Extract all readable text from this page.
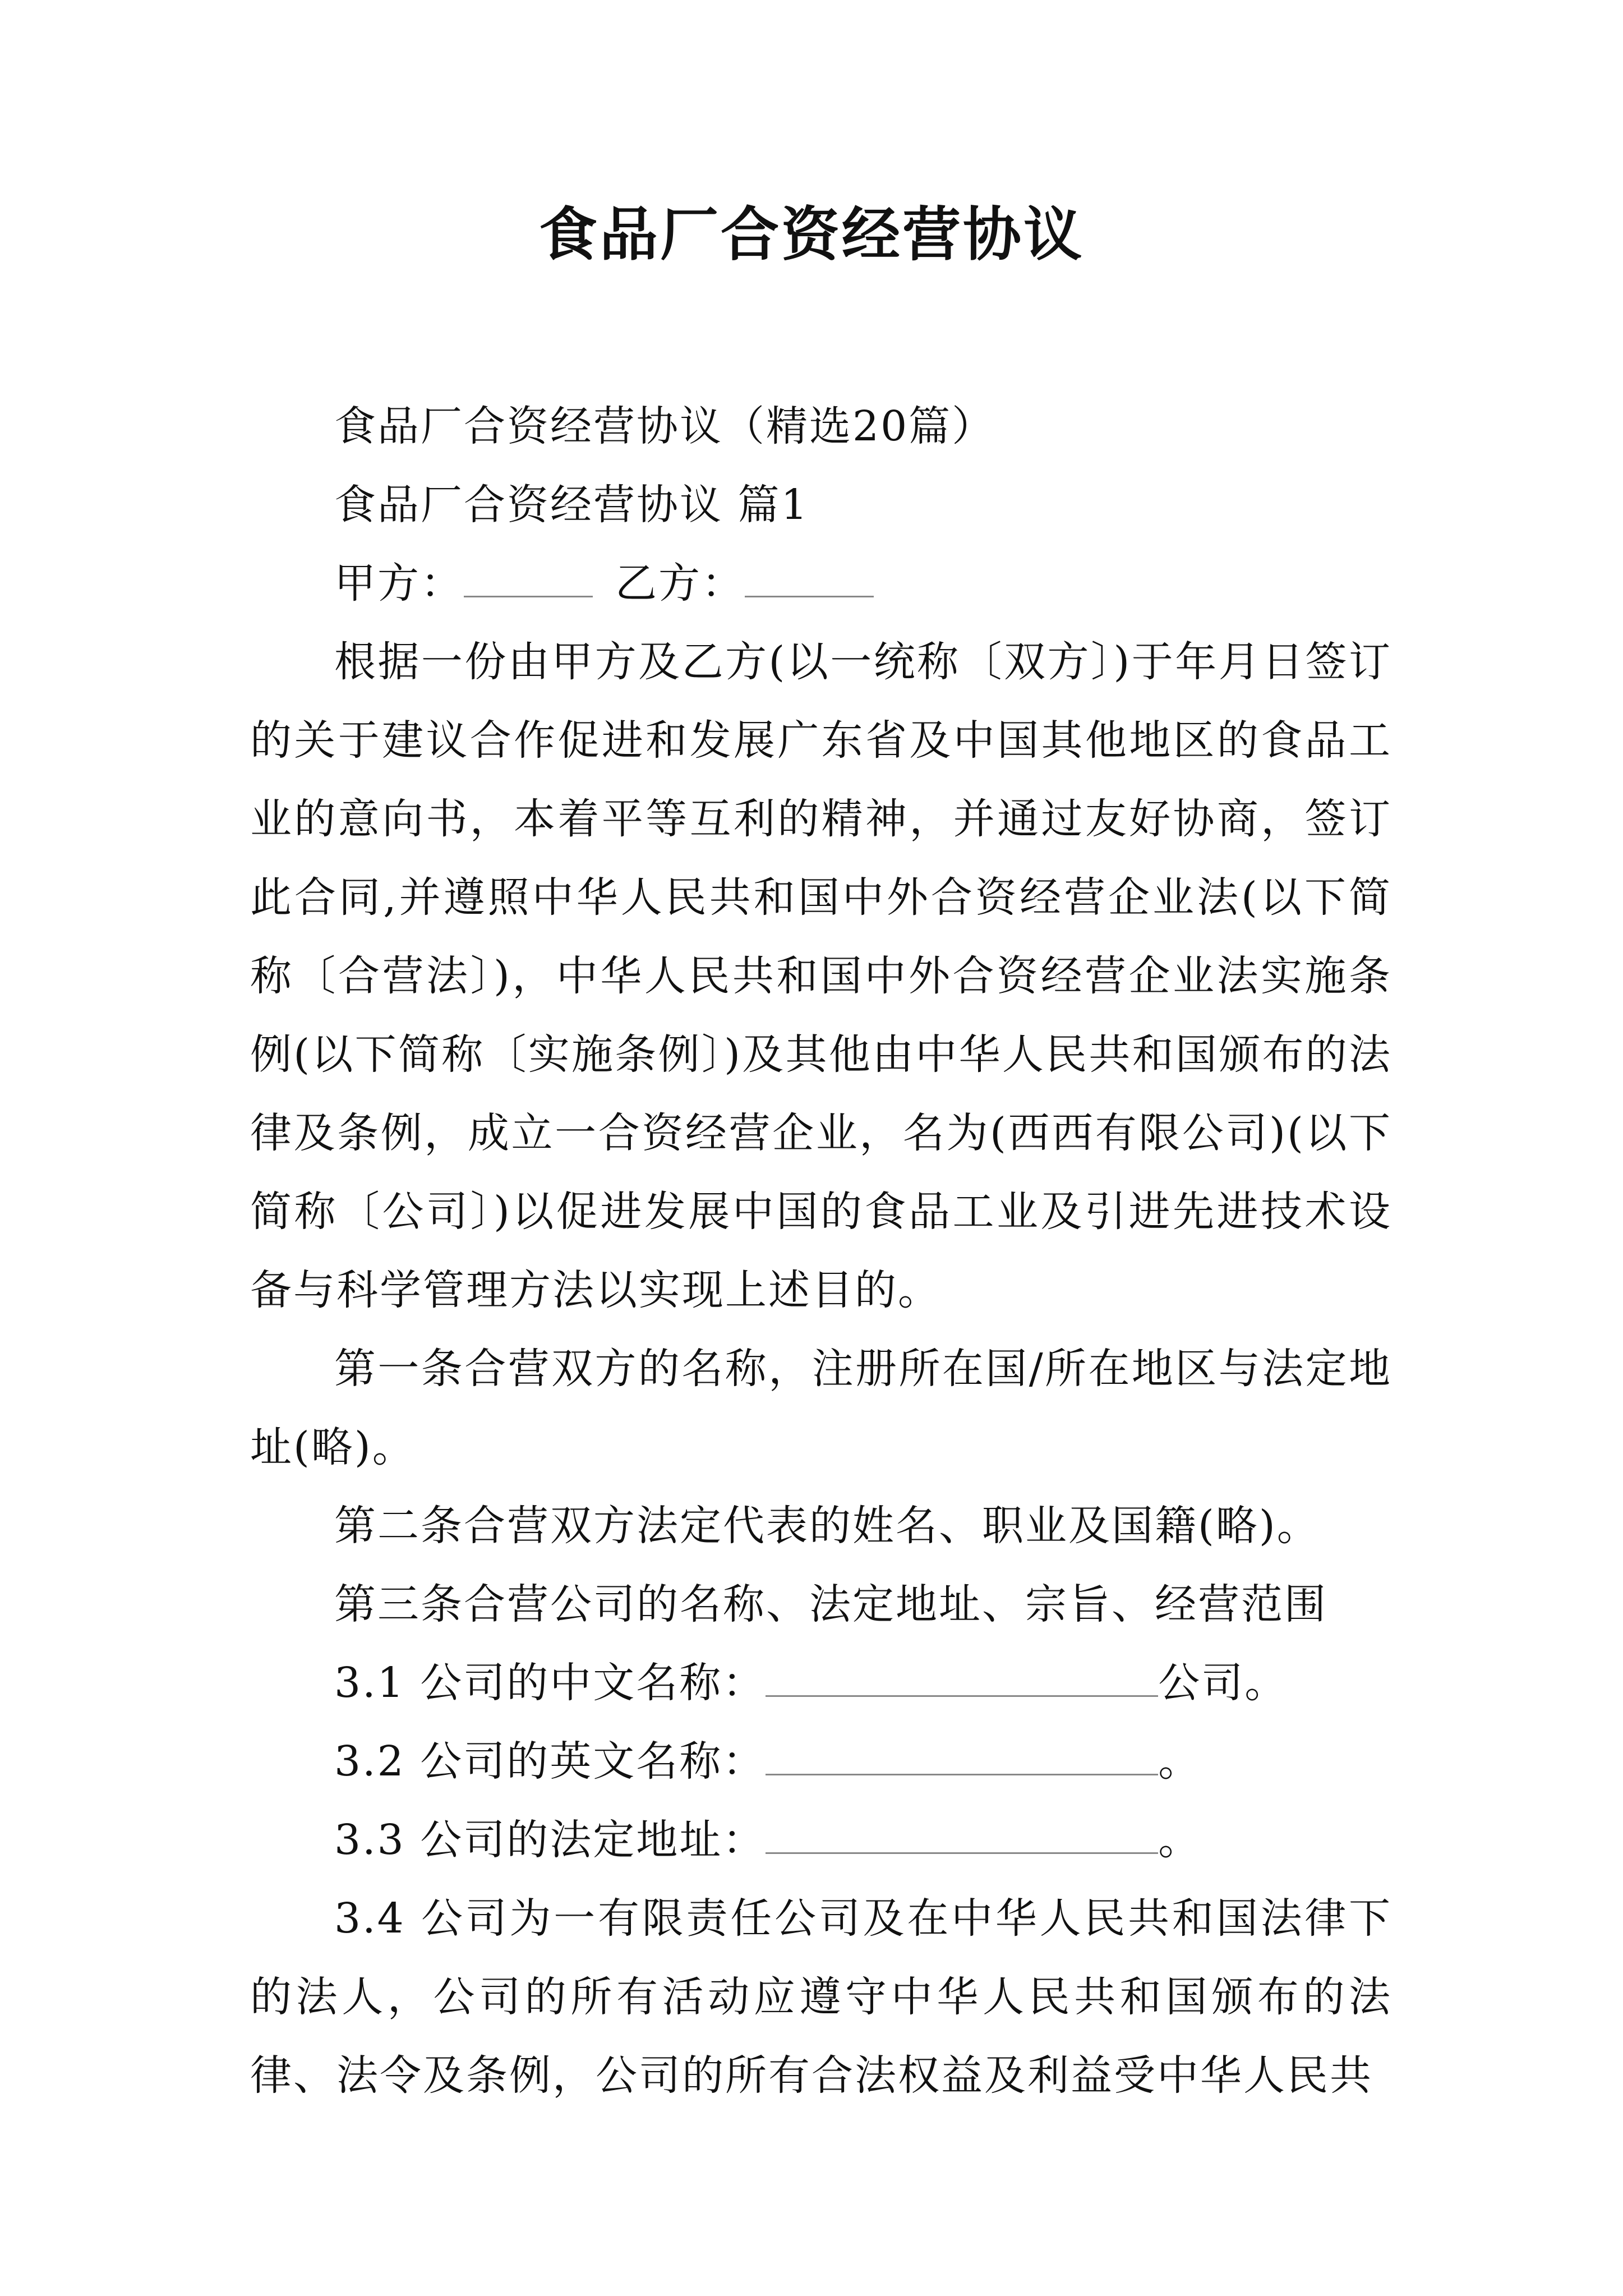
食品厂合资经营协议

食品厂合资经营协议（精选20篇）

食品厂合资经营协议 篇1

甲方：	乙方：

根据一份由甲方及乙方(以一统称〔双方〕)于年月日签订的关于建议合作促进和发展广东省及中国其他地区的食品工业的意向书，本着平等互利的精神，并通过友好协商，签订此合同,并遵照中华人民共和国中外合资经营企业法(以下简称〔合营法〕)，中华人民共和国中外合资经营企业法实施条例(以下简称〔实施条例〕)及其他由中华人民共和国颁布的法律及条例，成立一合资经营企业，名为(西西有限公司)(以下简称〔公司〕)以促进发展中国的食品工业及引进先进技术设备与科学管理方法以实现上述目的。

第一条合营双方的名称，注册所在国/所在地区与法定地址(略)。

第二条合营双方法定代表的姓名、职业及国籍(略)。

第三条合营公司的名称、法定地址、宗旨、经营范围

3.1 公司的中文名称：	公司。

3.2 公司的英文名称：	。

3.3 公司的法定地址：	。

3.4 公司为一有限责任公司及在中华人民共和国法律下的法人，公司的所有活动应遵守中华人民共和国颁布的法律、法令及条例，公司的所有合法权益及利益受中华人民共
